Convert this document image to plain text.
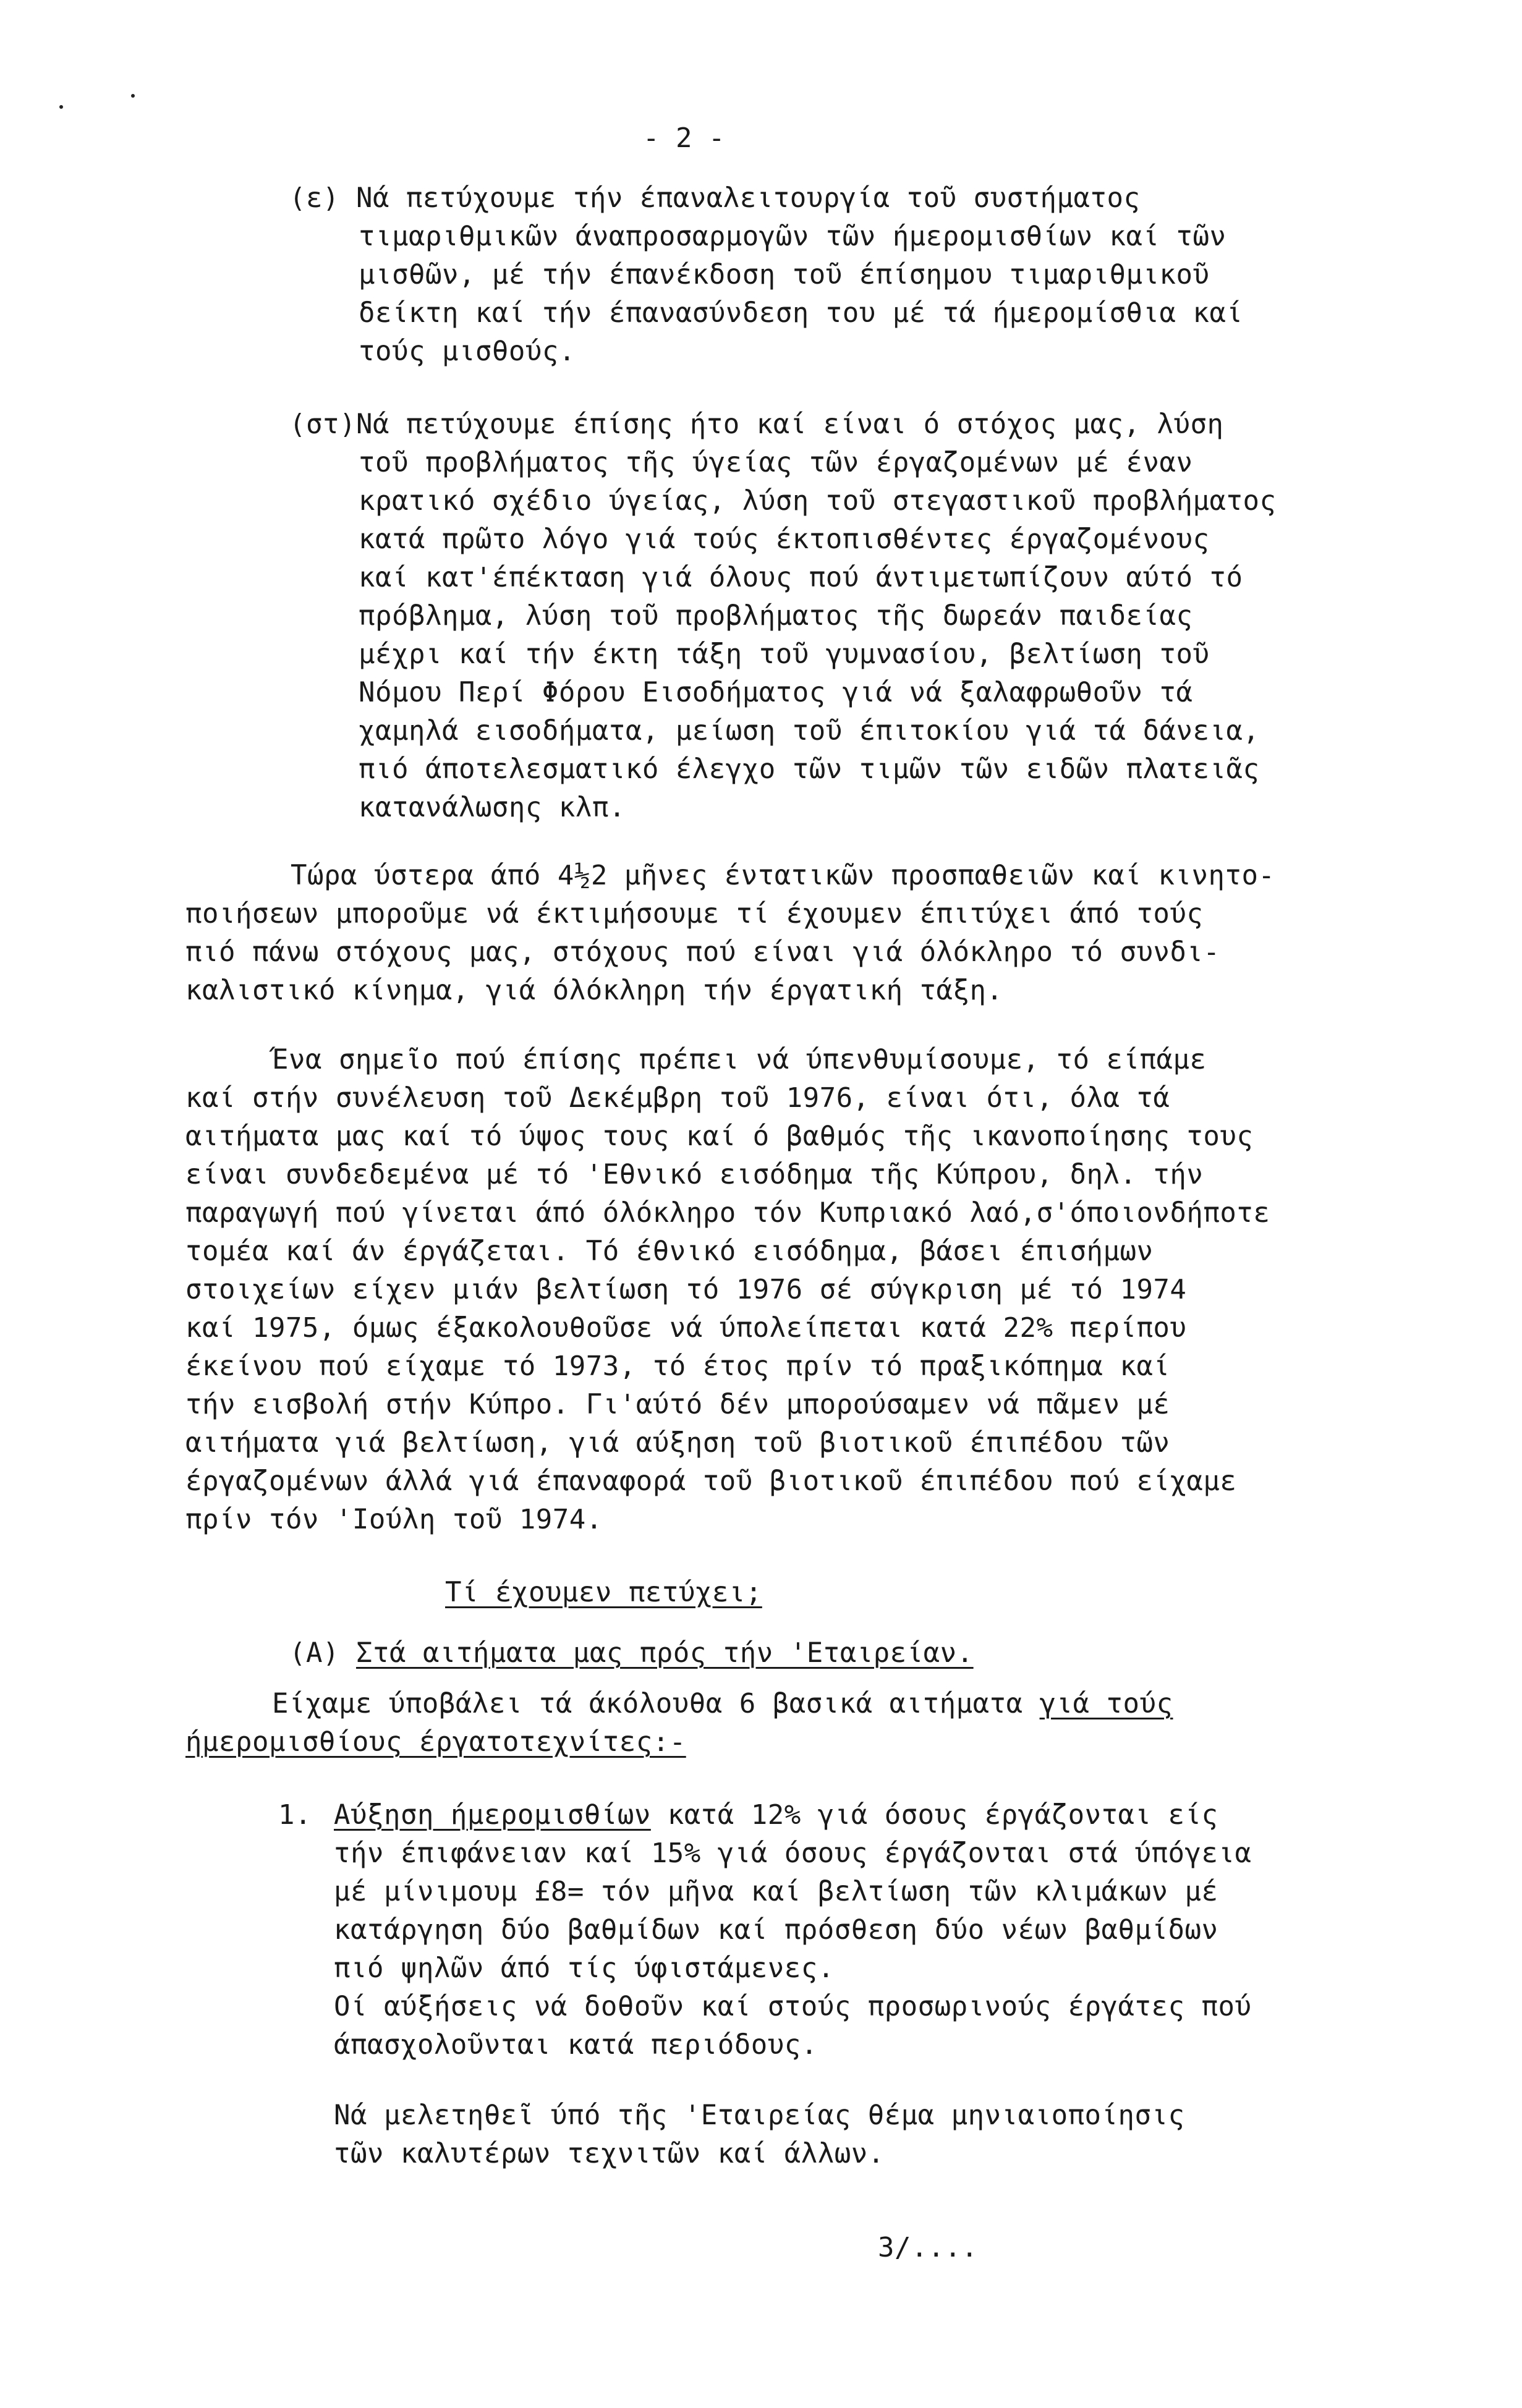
- 2 -
(ε) Νά πετύχουμε τήν έπαναλειτουργία τοῦ συστήματος
τιμαριθμικῶν άναπροσαρμογῶν τῶν ήμερομισθίων καί τῶν
μισθῶν, μέ τήν έπανέκδοση τοῦ έπίσημου τιμαριθμικοῦ
δείκτη καί τήν έπανασύνδεση του μέ τά ήμερομίσθια καί
τούς μισθούς.
(στ)Νά πετύχουμε έπίσης ήτο καί είναι ό στόχος μας, λύση
τοῦ προβλήματος τῆς ύγείας τῶν έργαζομένων μέ έναν
κρατικό σχέδιο ύγείας, λύση τοῦ στεγαστικοῦ προβλήματος
κατά πρῶτο λόγο γιά τούς έκτοπισθέντες έργαζομένους
καί κατ'έπέκταση γιά όλους πού άντιμετωπίζουν αύτό τό
πρόβλημα, λύση τοῦ προβλήματος τῆς δωρεάν παιδείας
μέχρι καί τήν έκτη τάξη τοῦ γυμνασίου, βελτίωση τοῦ
Νόμου Περί Φόρου Εισοδήματος γιά νά ξαλαφρωθοῦν τά
χαμηλά εισοδήματα, μείωση τοῦ έπιτοκίου γιά τά δάνεια,
πιό άποτελεσματικό έλεγχο τῶν τιμῶν τῶν ειδῶν πλατειᾶς
κατανάλωσης κλπ.
Τώρα ύστερα άπό 4½2 μῆνες έντατικῶν προσπαθειῶν καί κινητο-
ποιήσεων μποροῦμε νά έκτιμήσουμε τί έχουμεν έπιτύχει άπό τούς
πιό πάνω στόχους μας, στόχους πού είναι γιά όλόκληρο τό συνδι-
καλιστικό κίνημα, γιά όλόκληρη τήν έργατική τάξη.
Ένα σημεῖο πού έπίσης πρέπει νά ύπενθυμίσουμε, τό είπάμε
καί στήν συνέλευση τοῦ Δεκέμβρη τοῦ 1976, είναι ότι, όλα τά
αιτήματα μας καί τό ύψος τους καί ό βαθμός τῆς ικανοποίησης τους
είναι συνδεδεμένα μέ τό 'Εθνικό εισόδημα τῆς Κύπρου, δηλ. τήν
παραγωγή πού γίνεται άπό όλόκληρο τόν Κυπριακό λαό,σ'όποιονδήποτε
τομέα καί άν έργάζεται. Τό έθνικό εισόδημα, βάσει έπισήμων
στοιχείων είχεν μιάν βελτίωση τό 1976 σέ σύγκριση μέ τό 1974
καί 1975, όμως έξακολουθοῦσε νά ύπολείπεται κατά 22% περίπου
έκείνου πού είχαμε τό 1973, τό έτος πρίν τό πραξικόπημα καί
τήν εισβολή στήν Κύπρο. Γι'αύτό δέν μπορούσαμεν νά πᾶμεν μέ
αιτήματα γιά βελτίωση, γιά αύξηση τοῦ βιοτικοῦ έπιπέδου τῶν
έργαζομένων άλλά γιά έπαναφορά τοῦ βιοτικοῦ έπιπέδου πού είχαμε
πρίν τόν 'Ιούλη τοῦ 1974.
Τί έχουμεν πετύχει;
(Α) Στά αιτήματα μας πρός τήν 'Εταιρείαν.
Είχαμε ύποβάλει τά άκόλουθα 6 βασικά αιτήματα γιά τούς
ήμερομισθίους έργατοτεχνίτες:-
1. Αύξηση ήμερομισθίων κατά 12% γιά όσους έργάζονται είς
τήν έπιφάνειαν καί 15% γιά όσους έργάζονται στά ύπόγεια
μέ μίνιμουμ £8= τόν μῆνα καί βελτίωση τῶν κλιμάκων μέ
κατάργηση δύο βαθμίδων καί πρόσθεση δύο νέων βαθμίδων
πιό ψηλῶν άπό τίς ύφιστάμενες.
Οί αύξήσεις νά δοθοῦν καί στούς προσωρινούς έργάτες πού
άπασχολοῦνται κατά περιόδους.
Νά μελετηθεῖ ύπό τῆς 'Εταιρείας θέμα μηνιαιοποίησις
τῶν καλυτέρων τεχνιτῶν καί άλλων.
3/....
